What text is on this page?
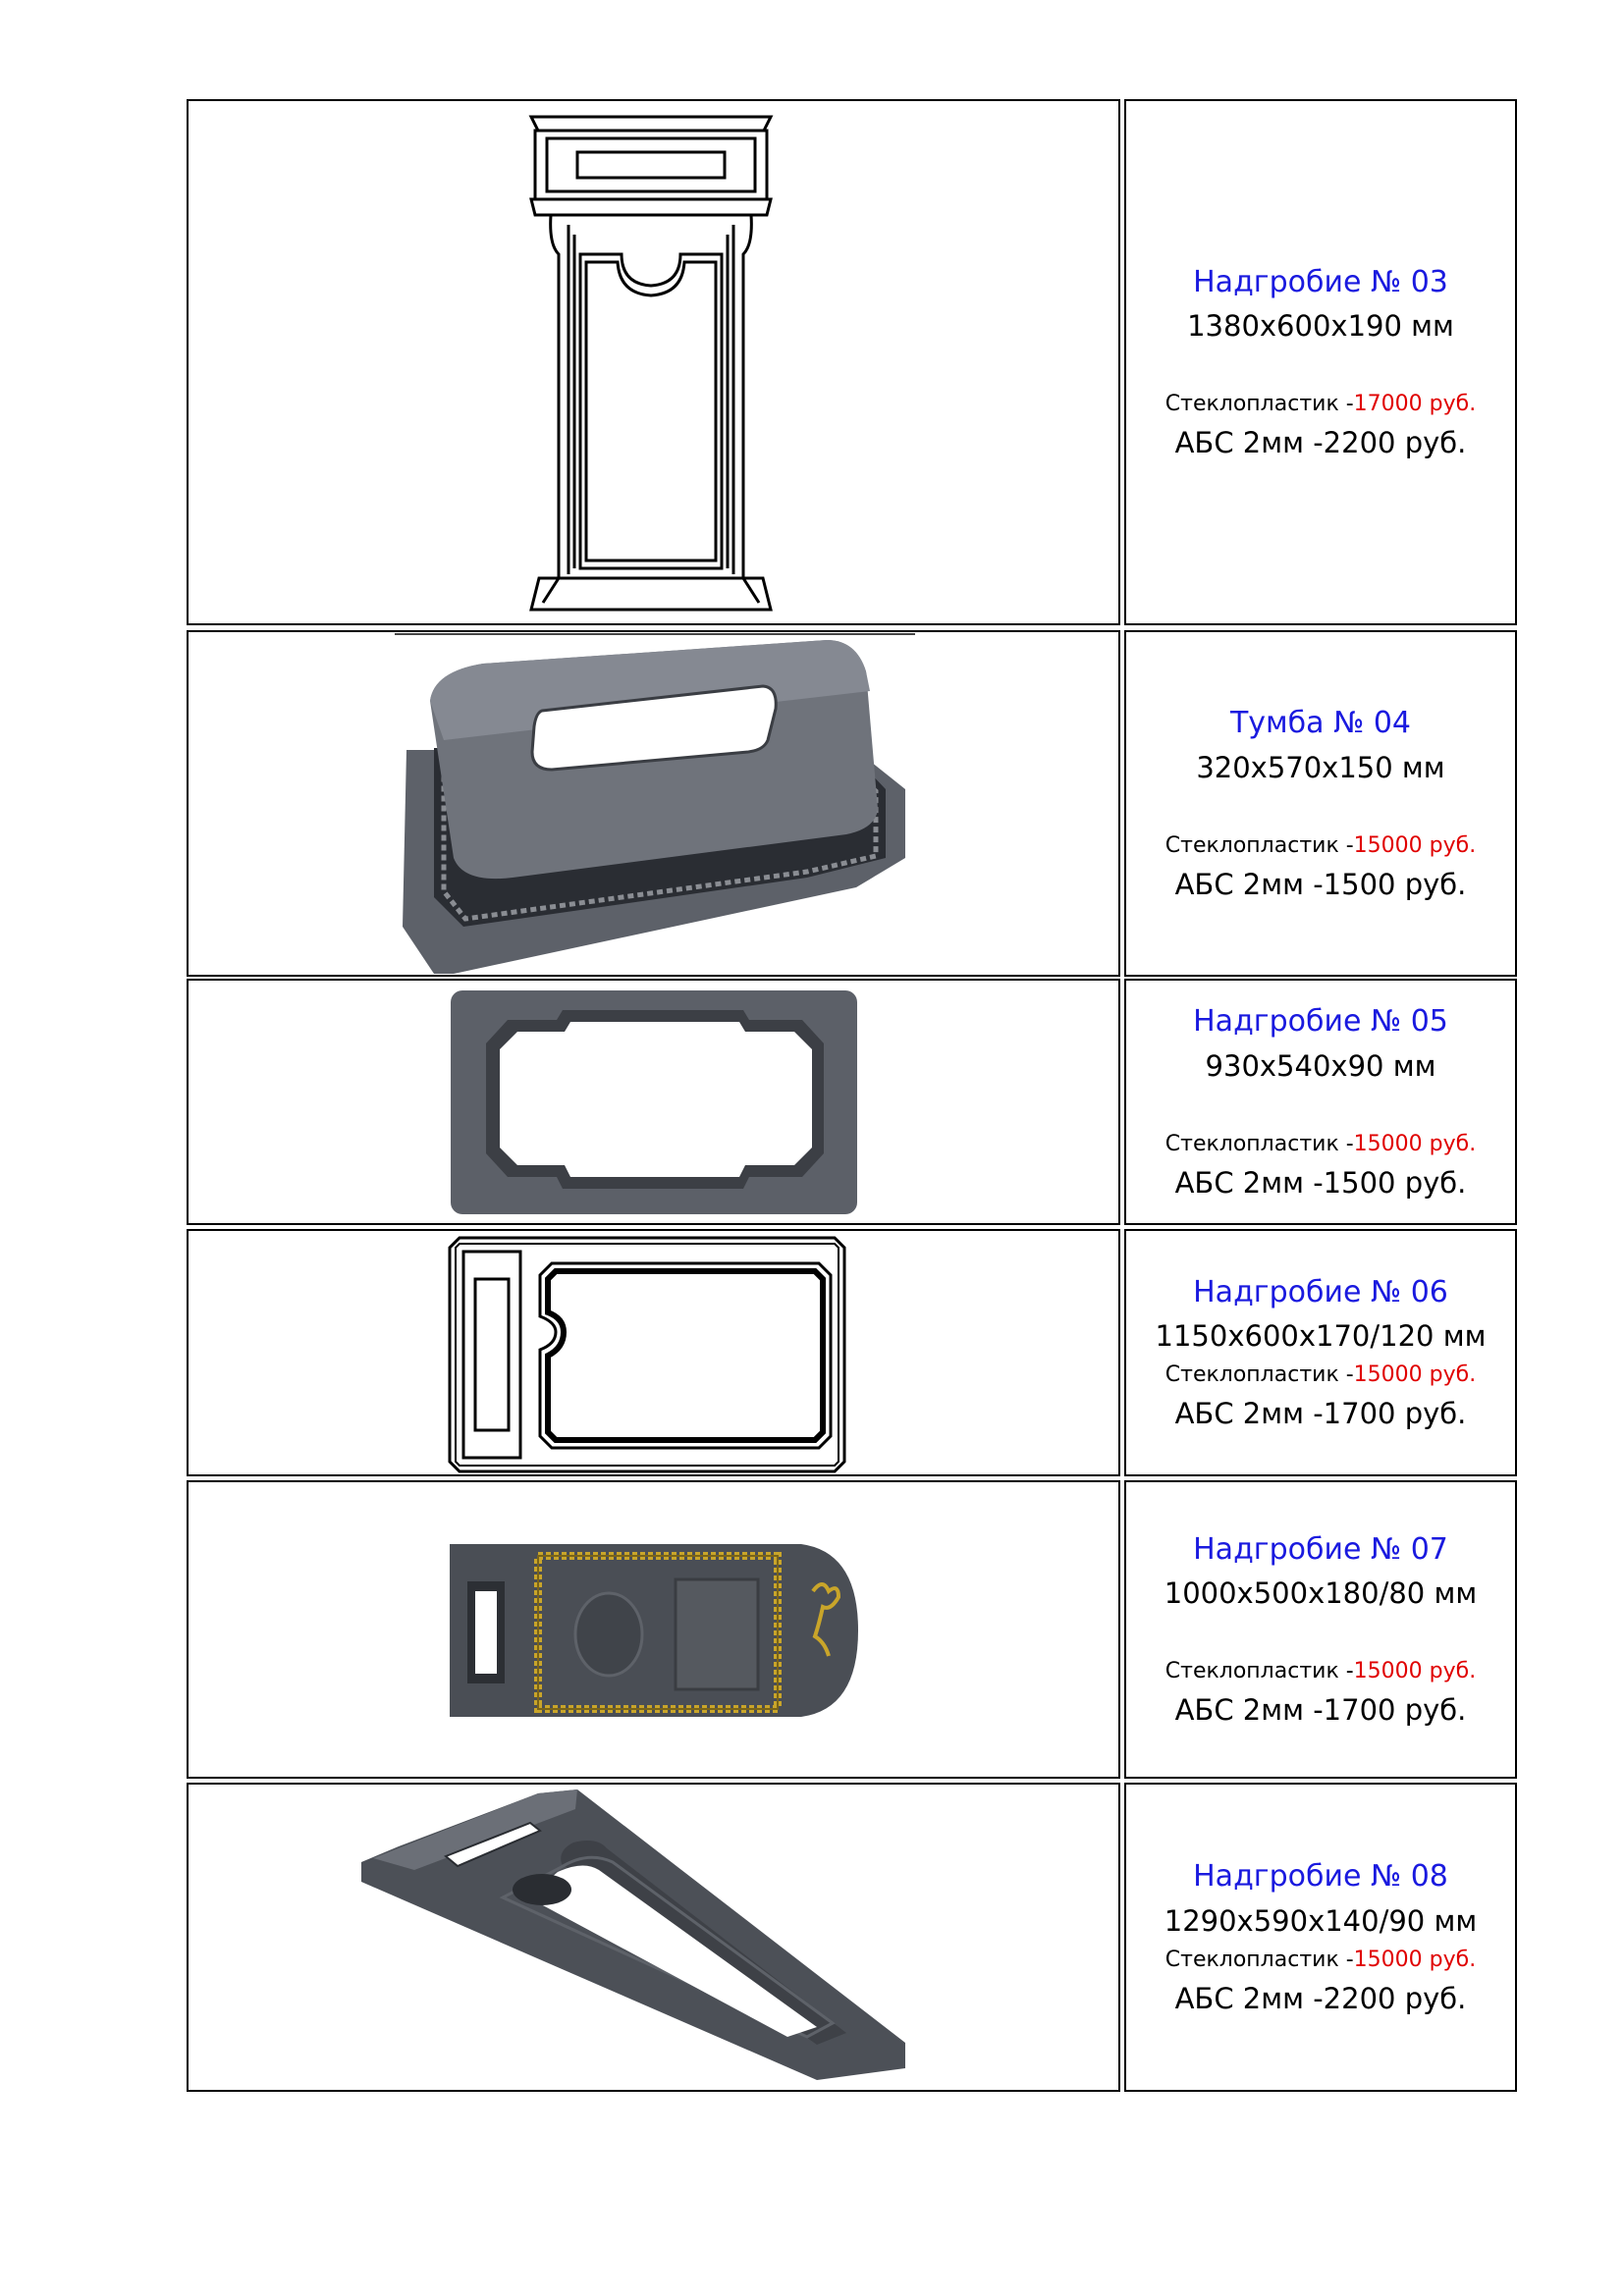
Надгробие № 03
1380x600x190 мм
Стеклопластик -17000 руб.
АБС 2мм -2200 руб.
Тумба № 04
320x570x150 мм
Стеклопластик -15000 руб.
АБС 2мм -1500 руб.
Надгробие № 05
930x540x90 мм
Стеклопластик -15000 руб.
АБС 2мм -1500 руб.
Надгробие № 06
1150x600x170/120 мм
Стеклопластик -15000 руб.
АБС 2мм -1700 руб.
Надгробие № 07
1000x500x180/80 мм
Стеклопластик -15000 руб.
АБС 2мм -1700 руб.
Надгробие № 08
1290x590x140/90 мм
Стеклопластик -15000 руб.
АБС 2мм -2200 руб.
